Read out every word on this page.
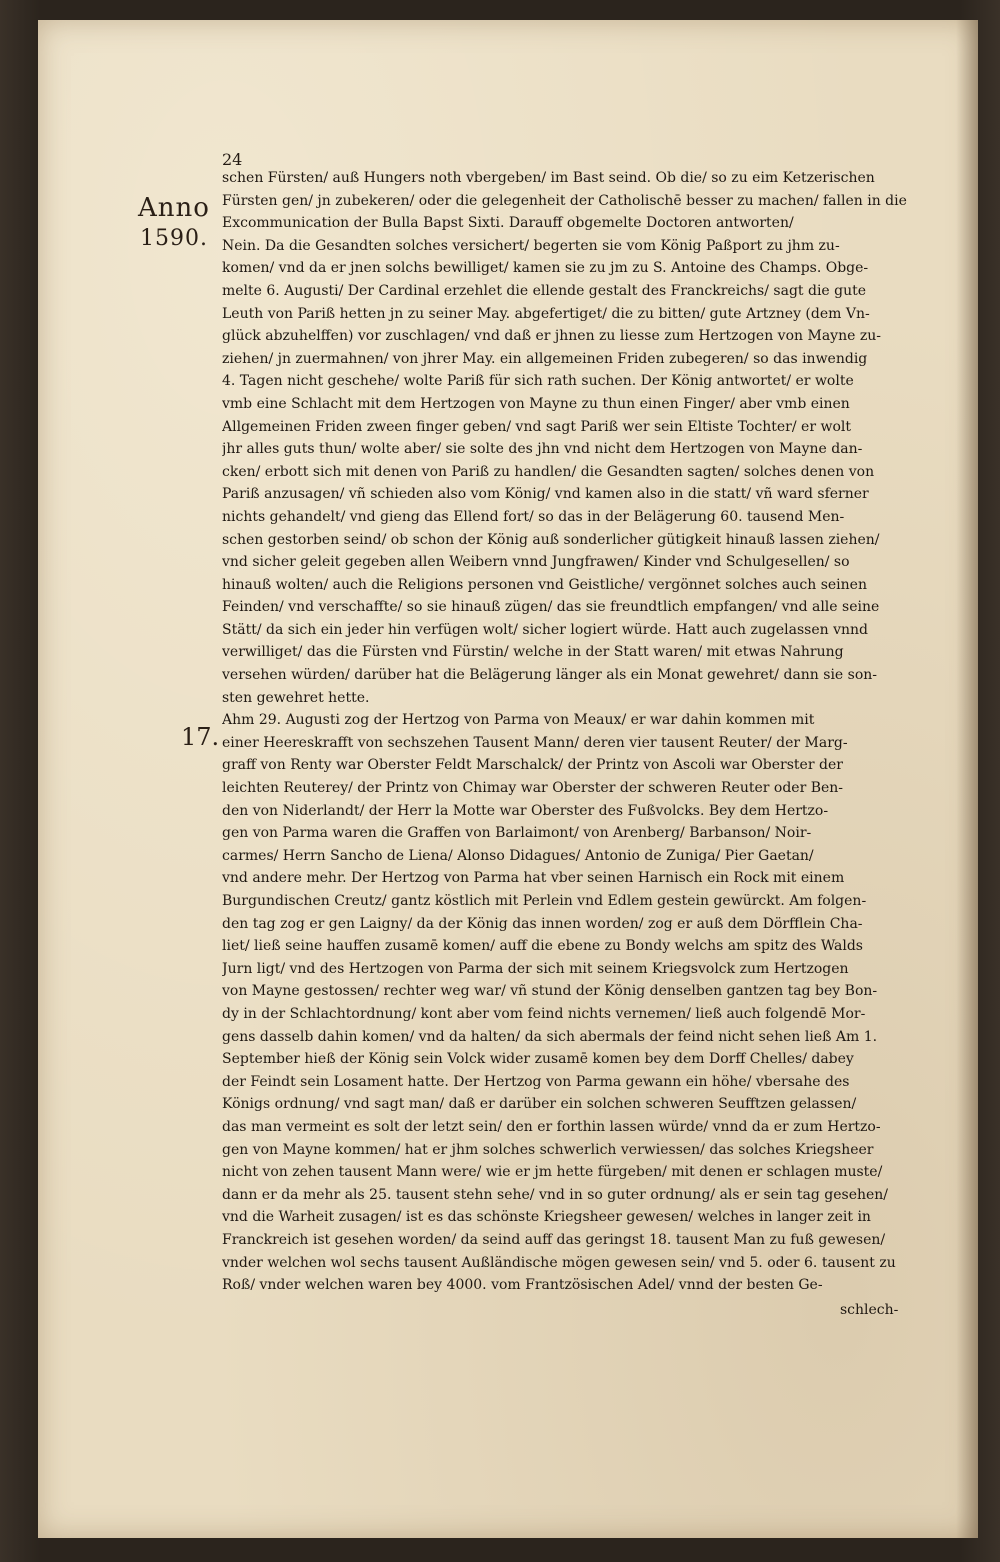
24
Anno
1590.
17.
schen Fürsten/ auß Hungers noth vbergeben/ im Bast seind. Ob die/ so zu eim Ketzerischen
Fürsten gen/ jn zubekeren/ oder die gelegenheit der Catholischē besser zu machen/ fallen in die
Excommunication der Bulla Bapst Sixti. Darauff obgemelte Doctoren antworten/
Nein. Da die Gesandten solches versichert/ begerten sie vom König Paßport zu jhm zu-
komen/ vnd da er jnen solchs bewilliget/ kamen sie zu jm zu S. Antoine des Champs. Obge-
melte 6. Augusti/ Der Cardinal erzehlet die ellende gestalt des Franckreichs/ sagt die gute
Leuth von Pariß hetten jn zu seiner May. abgefertiget/ die zu bitten/ gute Artzney (dem Vn-
glück abzuhelffen) vor zuschlagen/ vnd daß er jhnen zu liesse zum Hertzogen von Mayne zu-
ziehen/ jn zuermahnen/ von jhrer May. ein allgemeinen Friden zubegeren/ so das inwendig
4. Tagen nicht geschehe/ wolte Pariß für sich rath suchen. Der König antwortet/ er wolte
vmb eine Schlacht mit dem Hertzogen von Mayne zu thun einen Finger/ aber vmb einen
Allgemeinen Friden zween finger geben/ vnd sagt Pariß wer sein Eltiste Tochter/ er wolt
jhr alles guts thun/ wolte aber/ sie solte des jhn vnd nicht dem Hertzogen von Mayne dan-
cken/ erbott sich mit denen von Pariß zu handlen/ die Gesandten sagten/ solches denen von
Pariß anzusagen/ vñ schieden also vom König/ vnd kamen also in die statt/ vñ ward sferner
nichts gehandelt/ vnd gieng das Ellend fort/ so das in der Belägerung 60. tausend Men-
schen gestorben seind/ ob schon der König auß sonderlicher gütigkeit hinauß lassen ziehen/
vnd sicher geleit gegeben allen Weibern vnnd Jungfrawen/ Kinder vnd Schulgesellen/ so
hinauß wolten/ auch die Religions personen vnd Geistliche/ vergönnet solches auch seinen
Feinden/ vnd verschaffte/ so sie hinauß zügen/ das sie freundtlich empfangen/ vnd alle seine
Stätt/ da sich ein jeder hin verfügen wolt/ sicher logiert würde. Hatt auch zugelassen vnnd
verwilliget/ das die Fürsten vnd Fürstin/ welche in der Statt waren/ mit etwas Nahrung
versehen würden/ darüber hat die Belägerung länger als ein Monat gewehret/ dann sie son-
sten gewehret hette.
Ahm 29. Augusti zog der Hertzog von Parma von Meaux/ er war dahin kommen mit
einer Heereskrafft von sechszehen Tausent Mann/ deren vier tausent Reuter/ der Marg-
graff von Renty war Oberster Feldt Marschalck/ der Printz von Ascoli war Oberster der
leichten Reuterey/ der Printz von Chimay war Oberster der schweren Reuter oder Ben-
den von Niderlandt/ der Herr la Motte war Oberster des Fußvolcks. Bey dem Hertzo-
gen von Parma waren die Graffen von Barlaimont/ von Arenberg/ Barbanson/ Noir-
carmes/ Herrn Sancho de Liena/ Alonso Didagues/ Antonio de Zuniga/ Pier Gaetan/
vnd andere mehr. Der Hertzog von Parma hat vber seinen Harnisch ein Rock mit einem
Burgundischen Creutz/ gantz köstlich mit Perlein vnd Edlem gestein gewürckt. Am folgen-
den tag zog er gen Laigny/ da der König das innen worden/ zog er auß dem Dörfflein Cha-
liet/ ließ seine hauffen zusamē komen/ auff die ebene zu Bondy welchs am spitz des Walds
Jurn ligt/ vnd des Hertzogen von Parma der sich mit seinem Kriegsvolck zum Hertzogen
von Mayne gestossen/ rechter weg war/ vñ stund der König denselben gantzen tag bey Bon-
dy in der Schlachtordnung/ kont aber vom feind nichts vernemen/ ließ auch folgendē Mor-
gens dasselb dahin komen/ vnd da halten/ da sich abermals der feind nicht sehen ließ Am 1.
September hieß der König sein Volck wider zusamē komen bey dem Dorff Chelles/ dabey
der Feindt sein Losament hatte. Der Hertzog von Parma gewann ein höhe/ vbersahe des
Königs ordnung/ vnd sagt man/ daß er darüber ein solchen schweren Seufftzen gelassen/
das man vermeint es solt der letzt sein/ den er forthin lassen würde/ vnnd da er zum Hertzo-
gen von Mayne kommen/ hat er jhm solches schwerlich verwiessen/ das solches Kriegsheer
nicht von zehen tausent Mann were/ wie er jm hette fürgeben/ mit denen er schlagen muste/
dann er da mehr als 25. tausent stehn sehe/ vnd in so guter ordnung/ als er sein tag gesehen/
vnd die Warheit zusagen/ ist es das schönste Kriegsheer gewesen/ welches in langer zeit in
Franckreich ist gesehen worden/ da seind auff das geringst 18. tausent Man zu fuß gewesen/
vnder welchen wol sechs tausent Außländische mögen gewesen sein/ vnd 5. oder 6. tausent zu
Roß/ vnder welchen waren bey 4000. vom Frantzösischen Adel/ vnnd der besten Ge-
schlech-
